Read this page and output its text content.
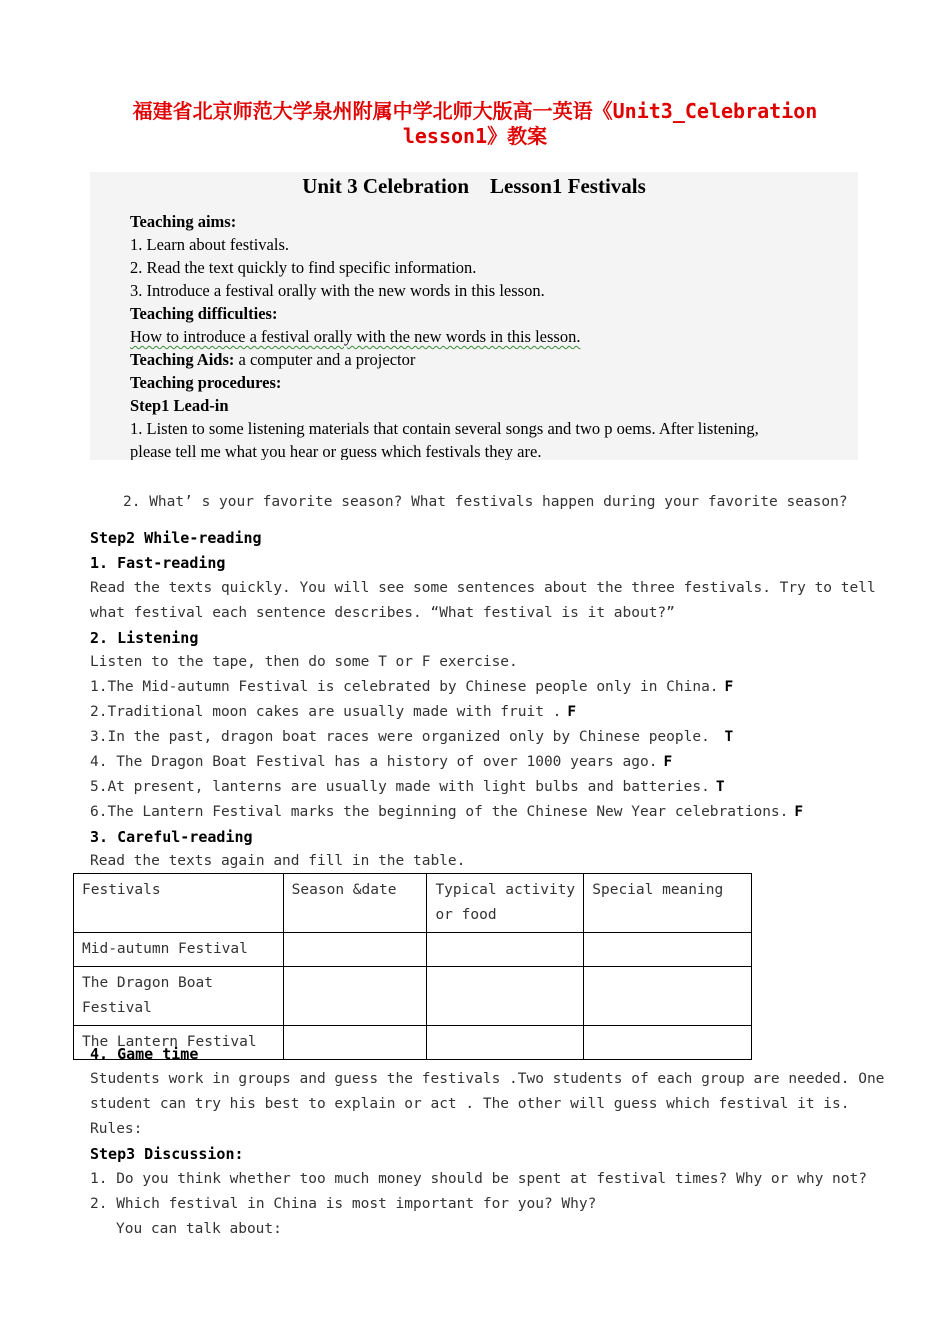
福建省北京师范大学泉州附属中学北师大版高一英语《Unit3_Celebration
lesson1》教案
Unit 3 Celebration Lesson1 Festivals
Teaching aims:
1. Learn about festivals.
2. Read the text quickly to find specific information.
3. Introduce a festival orally with the new words in this lesson.
Teaching difficulties:
How to introduce a festival orally with the new words in this lesson.
Teaching Aids: a computer and a projector
Teaching procedures:
Step1 Lead-in
1. Listen to some listening materials that contain several songs and two p oems. After listening,
please tell me what you hear or guess which festivals they are.
2. What’ s your favorite season? What festivals happen during your favorite season?
Step2 While-reading
1. Fast-reading
Read the texts quickly. You will see some sentences about the three festivals. Try to tell
what festival each sentence describes. “What festival is it about?”
2. Listening
Listen to the tape, then do some T or F exercise.
1.The Mid-autumn Festival is celebrated by Chinese people only in China. F
2.Traditional moon cakes are usually made with fruit . F
3.In the past, dragon boat races were organized only by Chinese people. T
4. The Dragon Boat Festival has a history of over 1000 years ago. F
5.At present, lanterns are usually made with light bulbs and batteries. T
6.The Lantern Festival marks the beginning of the Chinese New Year celebrations. F
3. Careful-reading
Read the texts again and fill in the table.
Festivals	Season &date	Typical activity or food	Special meaning
Mid-autumn Festival			
The Dragon Boat Festival			
The Lantern Festival			
4. Game time
Students work in groups and guess the festivals .Two students of each group are needed. One
student can try his best to explain or act . The other will guess which festival it is.
Rules:
Step3 Discussion:
1. Do you think whether too much money should be spent at festival times? Why or why not?
2. Which festival in China is most important for you? Why?
You can talk about:
